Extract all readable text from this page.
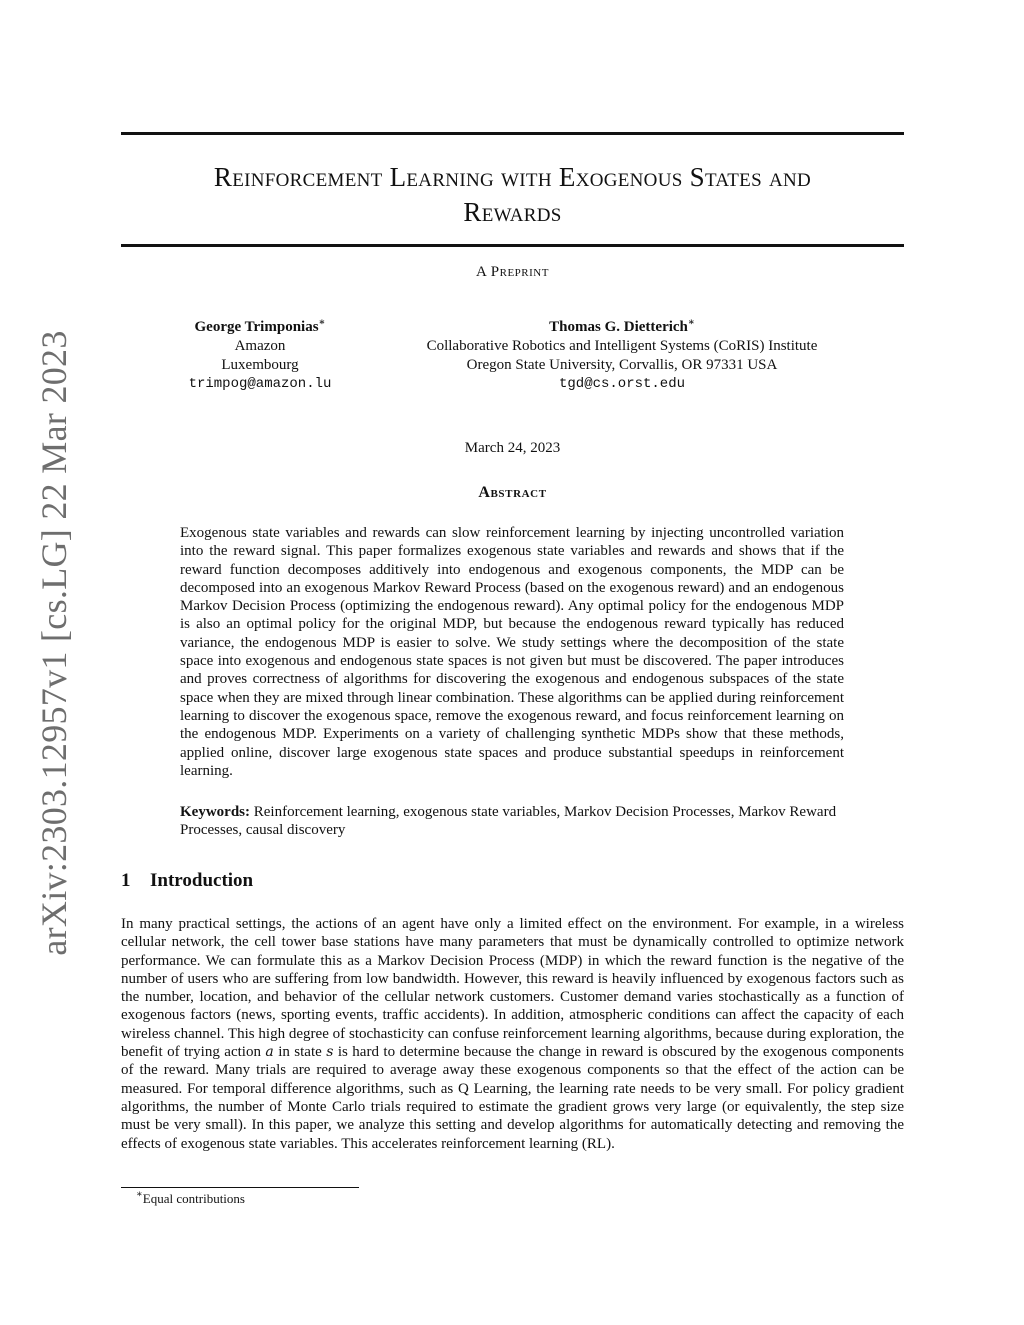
arXiv:2303.12957v1 [cs.LG] 22 Mar 2023
Reinforcement Learning with Exogenous States and
Rewards
A Preprint
George Trimponias∗
Amazon
Luxembourg
trimpog@amazon.lu
Thomas G. Dietterich∗
Collaborative Robotics and Intelligent Systems (CoRIS) Institute
Oregon State University, Corvallis, OR 97331 USA
tgd@cs.orst.edu
March 24, 2023
Abstract

Exogenous state variables and rewards can slow reinforcement learning by injecting uncontrolled variation into the reward signal. This paper formalizes exogenous state variables and rewards and shows that if the reward function decomposes additively into endogenous and exogenous components, the MDP can be decomposed into an exogenous Markov Reward Process (based on the exogenous reward) and an endogenous Markov Decision Process (optimizing the endogenous reward). Any optimal policy for the endogenous MDP is also an optimal policy for the original MDP, but because the endogenous reward typically has reduced variance, the endogenous MDP is easier to solve. We study settings where the decomposition of the state space into exogenous and endogenous state spaces is not given but must be discovered. The paper introduces and proves correctness of algorithms for discovering the exogenous and endogenous subspaces of the state space when they are mixed through linear combination. These algorithms can be applied during reinforcement learning to discover the exogenous space, remove the exogenous reward, and focus reinforcement learning on the endogenous MDP. Experiments on a variety of challenging synthetic MDPs show that these methods, applied online, discover large exogenous state spaces and produce substantial speedups in reinforcement learning.

Keywords: Reinforcement learning, exogenous state variables, Markov Decision Processes, Markov Reward Processes, causal discovery

1 Introduction

In many practical settings, the actions of an agent have only a limited effect on the environment. For example, in a wireless cellular network, the cell tower base stations have many parameters that must be dynamically controlled to optimize network performance. We can formulate this as a Markov Decision Process (MDP) in which the reward function is the negative of the number of users who are suffering from low bandwidth. However, this reward is heavily influenced by exogenous factors such as the number, location, and behavior of the cellular network customers. Customer demand varies stochastically as a function of exogenous factors (news, sporting events, traffic accidents). In addition, atmospheric conditions can affect the capacity of each wireless channel. This high degree of stochasticity can confuse reinforcement learning algorithms, because during exploration, the benefit of trying action a in state s is hard to determine because the change in reward is obscured by the exogenous components of the reward. Many trials are required to average away these exogenous components so that the effect of the action can be measured. For temporal difference algorithms, such as Q Learning, the learning rate needs to be very small. For policy gradient algorithms, the number of Monte Carlo trials required to estimate the gradient grows very large (or equivalently, the step size must be very small). In this paper, we analyze this setting and develop algorithms for automatically detecting and removing the effects of exogenous state variables. This accelerates reinforcement learning (RL).

∗Equal contributions
